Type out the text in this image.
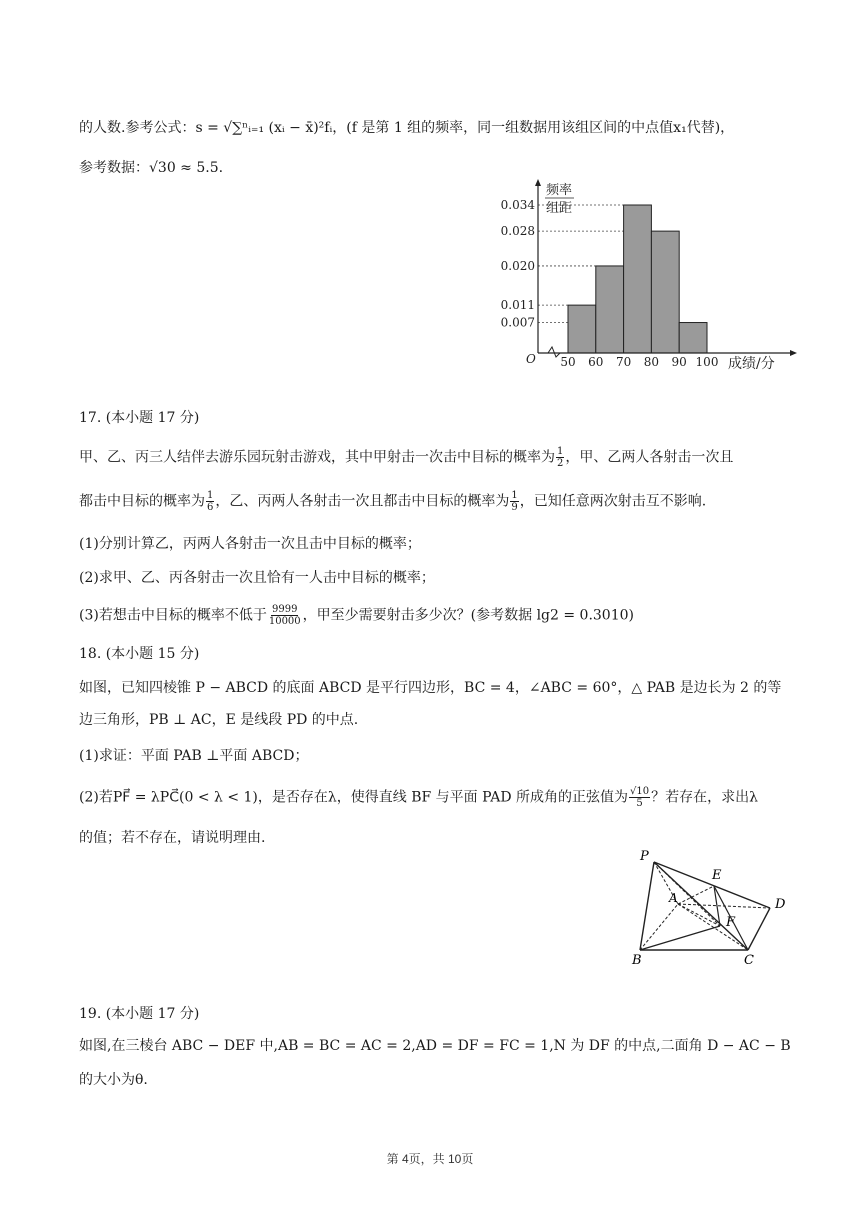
的人数.参考公式：s = √∑ⁿᵢ₌₁ (xᵢ − x̄)²fᵢ，(f 是第 1 组的频率，同一组数据用该组区间的中点值x₁代替)，
参考数据：√30 ≈ 5.5.
0.007
0.011
0.020
0.028
0.034
50 60 70 80 90 100
O	成绩/分
频率
组距
17. (本小题 17 分)
甲、乙、丙三人结伴去游乐园玩射击游戏，其中甲射击一次击中目标的概率为 $\frac{1}{2}$ ，甲、乙两人各射击一次且
都击中目标的概率为 $\frac{1}{6}$ ，乙、丙两人各射击一次且都击中目标的概率为 $\frac{1}{9}$ ，已知任意两次射击互不影响.
(1)分别计算乙，丙两人各射击一次且击中目标的概率；
(2)求甲、乙、丙各射击一次且恰有一人击中目标的概率；
(3)若想击中目标的概率不低于 $\frac{9999}{10000}$ ，甲至少需要射击多少次？(参考数据 lg2 = 0.3010)
18. (本小题 15 分)
如图，已知四棱锥 P − ABCD 的底面 ABCD 是平行四边形，BC = 4，∠ABC = 60°，△ PAB 是边长为 2 的等
边三角形，PB ⊥ AC，E 是线段 PD 的中点.
(1)求证：平面 PAB ⊥平面 ABCD；
(2)若PF⃗ = λPC⃗(0 < λ < 1)，是否存在λ，使得直线 BF 与平面 PAD 所成角的正弦值为 $\frac{√10}{5}$ ？若存在，求出λ
的值；若不存在，请说明理由.
P
A
E
F
D
B	C
19. (本小题 17 分)
如图,在三棱台 ABC − DEF 中,AB = BC = AC = 2,AD = DF = FC = 1,N 为 DF 的中点,二面角 D − AC − B
的大小为θ.
第 4页，共 10页
